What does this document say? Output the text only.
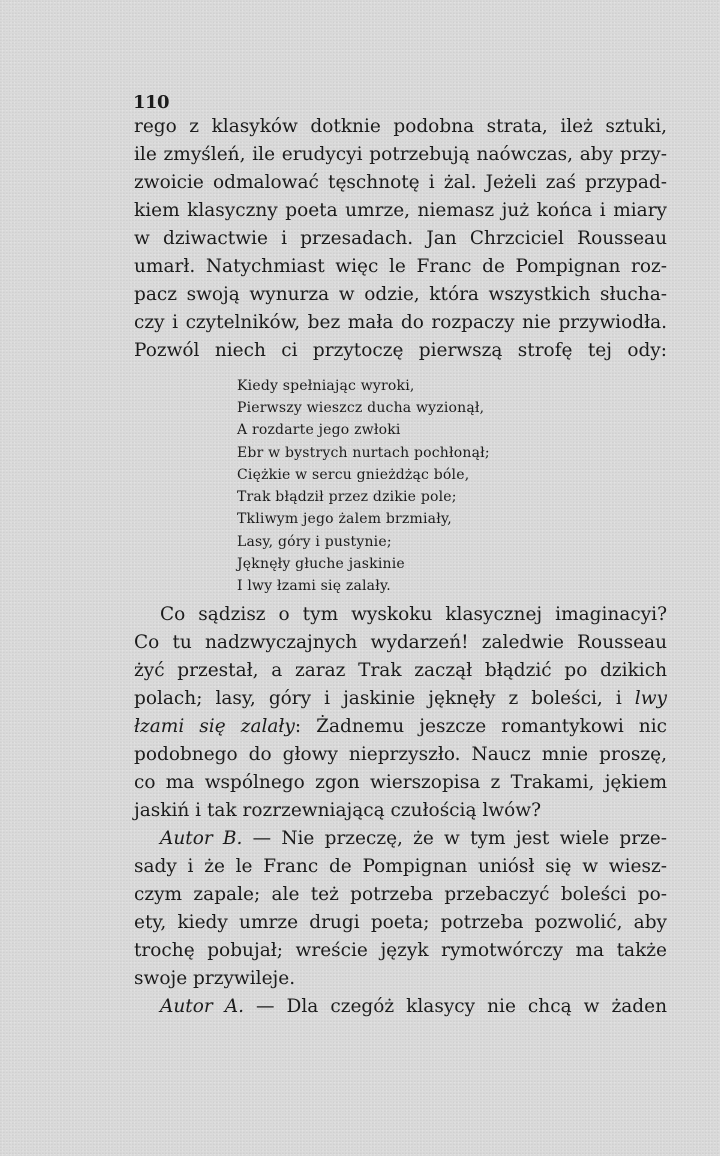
110
rego z klasyków dotknie podobna strata, ileż sztuki,
ile zmyśleń, ile erudycyi potrzebują naówczas, aby przy-
zwoicie odmalować tęschnotę i żal. Jeżeli zaś przypad-
kiem klasyczny poeta umrze, niemasz już końca i miary
w dziwactwie i przesadach. Jan Chrzciciel Rousseau
umarł. Natychmiast więc le Franc de Pompignan roz-
pacz swoją wynurza w odzie, która wszystkich słucha-
czy i czytelników, bez mała do rozpaczy nie przywiodła.
Pozwól niech ci przytoczę pierwszą strofę tej ody:
Kiedy spełniając wyroki,
Pierwszy wieszcz ducha wyzionął,
A rozdarte jego zwłoki
Ebr w bystrych nurtach pochłonął;
Ciężkie w sercu gnieżdżąc bóle,
Trak błądził przez dzikie pole;
Tkliwym jego żalem brzmiały,
Lasy, góry i pustynie;
Jęknęły głuche jaskinie
I lwy łzami się zalały.
Co sądzisz o tym wyskoku klasycznej imaginacyi?
Co tu nadzwyczajnych wydarzeń! zaledwie Rousseau
żyć przestał, a zaraz Trak zaczął błądzić po dzikich
polach; lasy, góry i jaskinie jęknęły z boleści, i lwy
łzami się zalały: Żadnemu jeszcze romantykowi nic
podobnego do głowy nieprzyszło. Naucz mnie proszę,
co ma wspólnego zgon wierszopisa z Trakami, jękiem
jaskiń i tak rozrzewniającą czułością lwów?
Autor B. — Nie przeczę, że w tym jest wiele prze-
sady i że le Franc de Pompignan uniósł się w wiesz-
czym zapale; ale też potrzeba przebaczyć boleści po-
ety, kiedy umrze drugi poeta; potrzeba pozwolić, aby
trochę pobujał; wreście język rymotwórczy ma także
swoje przywileje.
Autor A. — Dla czegóż klasycy nie chcą w żaden
